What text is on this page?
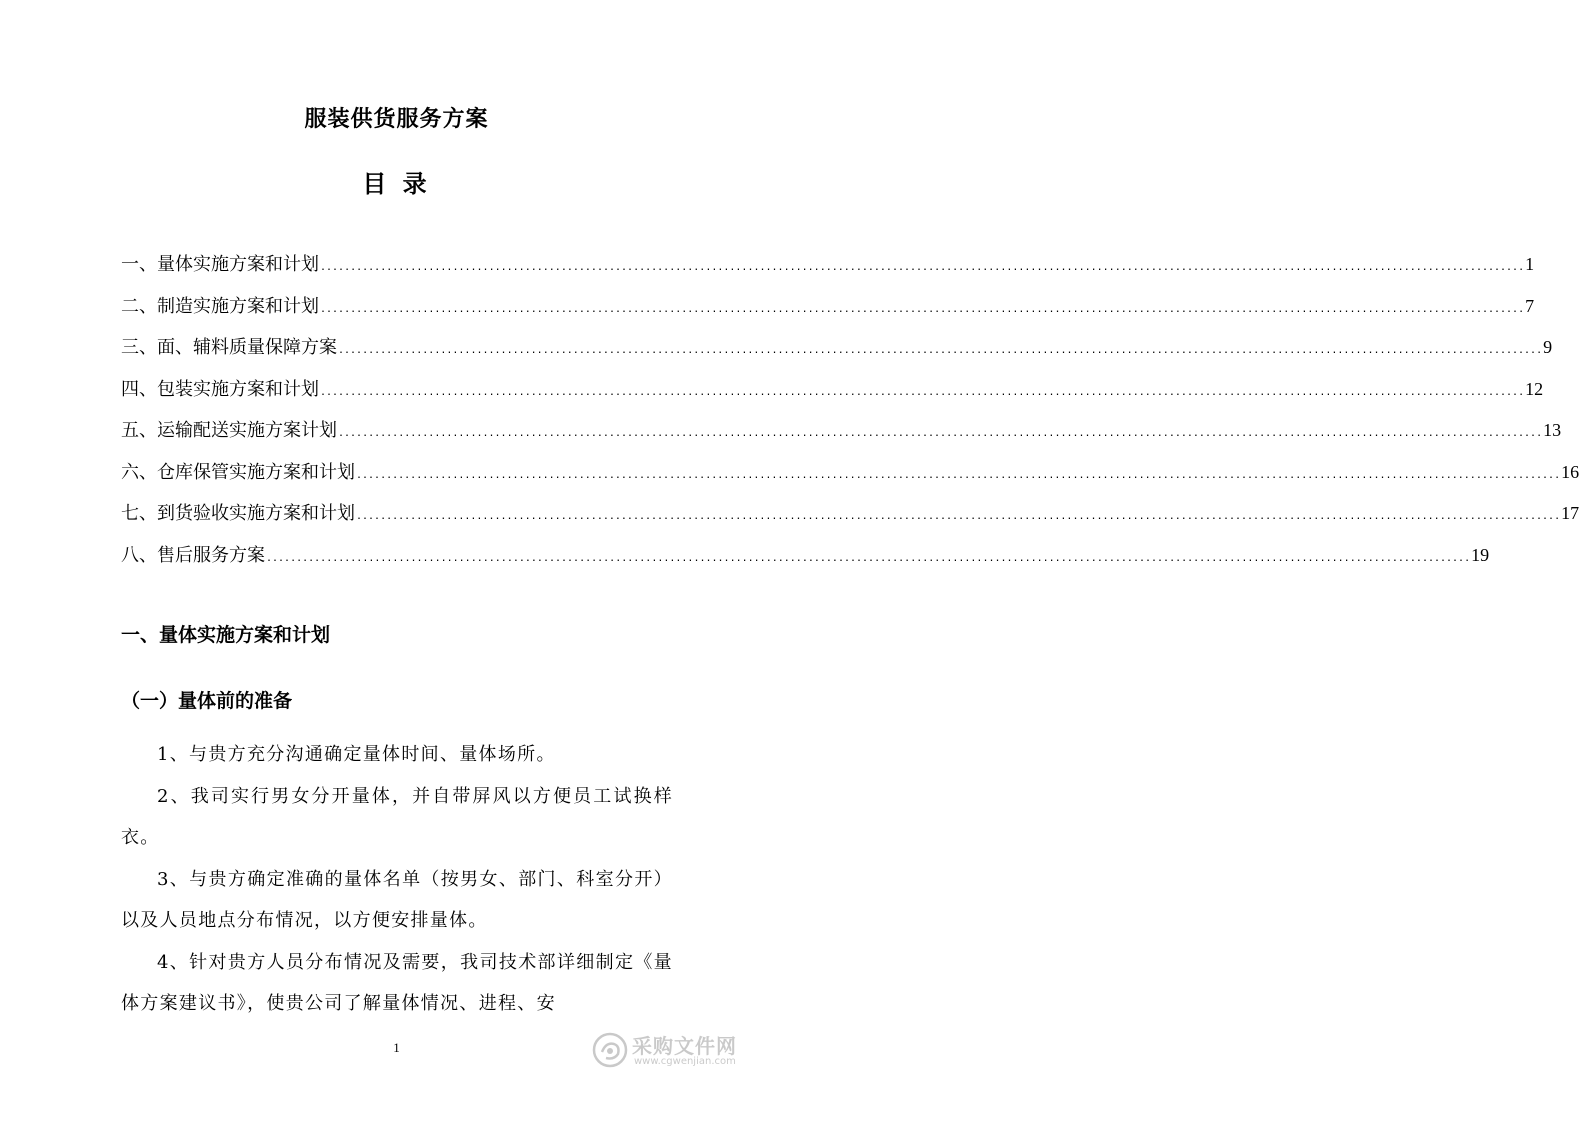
服装供货服务方案
目 录
一、量体实施方案和计划 ........................................................................................................................................................................................................ 1
二、制造实施方案和计划 ........................................................................................................................................................................................................ 7
三、面、辅料质量保障方案 ........................................................................................................................................................................................................ 9
四、包装实施方案和计划 ........................................................................................................................................................................................................ 12
五、运输配送实施方案计划 ........................................................................................................................................................................................................ 13
六、仓库保管实施方案和计划 ........................................................................................................................................................................................................ 16
七、到货验收实施方案和计划 ........................................................................................................................................................................................................ 17
八、售后服务方案 ........................................................................................................................................................................................................ 19
一、量体实施方案和计划
（一）量体前的准备

1、与贵方充分沟通确定量体时间、量体场所。

2、我司实行男女分开量体，并自带屏风以方便员工试换样衣。

3、与贵方确定准确的量体名单（按男女、部门、科室分开）以及人员地点分布情况，以方便安排量体。

4、针对贵方人员分布情况及需要，我司技术部详细制定《量体方案建议书》，使贵公司了解量体情况、进程、安

1	采购文件网
www.cgwenjian.com
